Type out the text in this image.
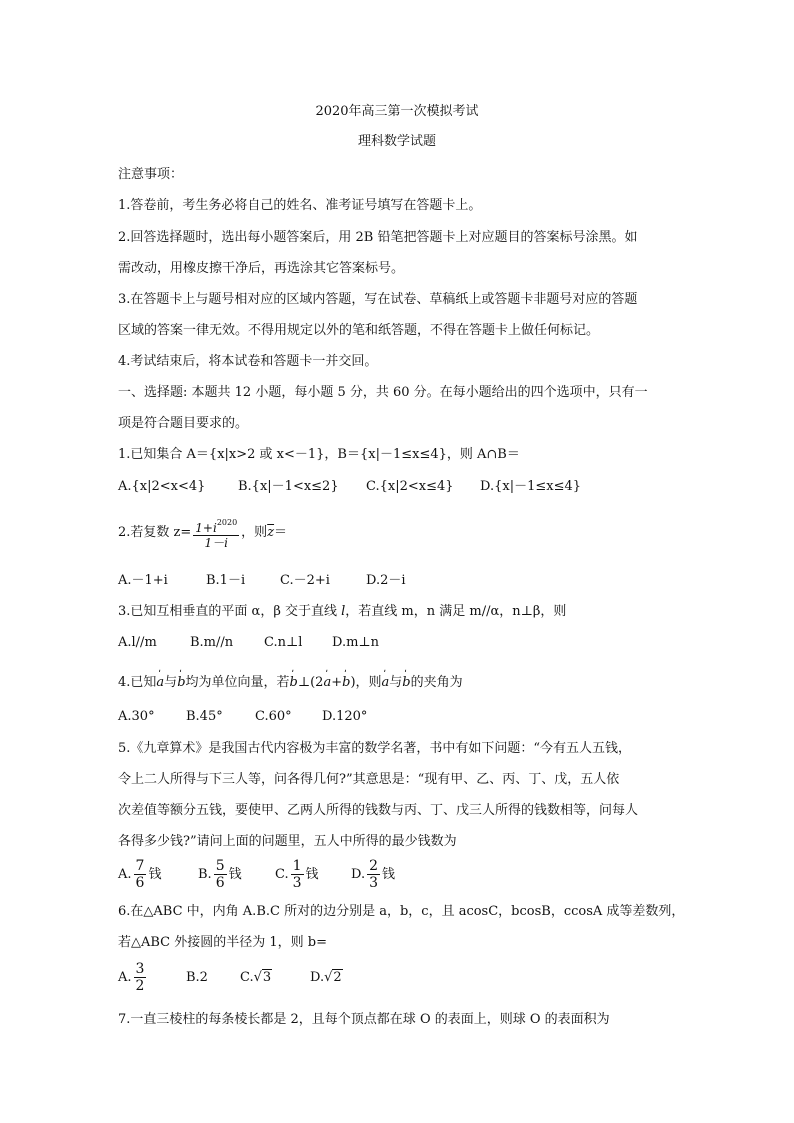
2020年高三第一次模拟考试
理科数学试题
注意事项：
1.答卷前，考生务必将自己的姓名、准考证号填写在答题卡上。
2.回答选择题时，选出每小题答案后，用 2B 铅笔把答题卡上对应题目的答案标号涂黑。如
需改动，用橡皮擦干净后，再选涂其它答案标号。
3.在答题卡上与题号相对应的区域内答题，写在试卷、草稿纸上或答题卡非题号对应的答题
区域的答案一律无效。不得用规定以外的笔和纸答题，不得在答题卡上做任何标记。
4.考试结束后，将本试卷和答题卡一并交回。
一、选择题: 本题共 12 小题，每小题 5 分，共 60 分。在每小题给出的四个选项中，只有一
项是符合题目要求的。
1.已知集合 A＝{x|x>2 或 x<－1}，B＝{x|－1≤x≤4}，则 A∩B＝
A.{x|2<x<4}	B.{x|－1<x≤2} C.{x|2<x≤4} D.{x|－1≤x≤4}
2.若复数 $z= \frac{1+i^{2020}}{1-i}$ ，则$\overline{z}=$
A.－1+i	B.1－i	C.－2+i	D.2－i
3.已知互相垂直的平面 α，β 交于直线 l，若直线 m，n 满足 m//α，n⊥β，则
A.l//m	B.m//n C.n⊥l D.m⊥n
4.已知ˈ a与ˈ b均为单位向量，若ˈ b⊥(2ˈ a+ˈ b)，则ˈ a与ˈ b的夹角为
A.30° B.45° C.60° D.120°
5.《九章算术》是我国古代内容极为丰富的数学名著，书中有如下问题：“今有五人五钱，
令上二人所得与下三人等，问各得几何?”其意思是：“现有甲、乙、丙、丁、戊，五人依
次差值等额分五钱，要使甲、乙两人所得的钱数与丙、丁、戊三人所得的钱数相等，问每人
各得多少钱?”请问上面的问题里，五人中所得的最少钱数为
A. $\frac{7}{6}$ 钱	B. $\frac{5}{6}$ 钱	C. $\frac{1}{3}$ 钱 D. $\frac{2}{3}$ 钱
6.在△ABC 中，内角 A.B.C 所对的边分别是 a，b，c，且 acosC，bcosB，ccosA 成等差数列，
若△ABC 外接圆的半径为 1，则 b=
A. $\frac{3}{2}$	B.2 C.√3	D.√2
7.一直三棱柱的每条棱长都是 2，且每个顶点都在球 O 的表面上，则球 O 的表面积为
